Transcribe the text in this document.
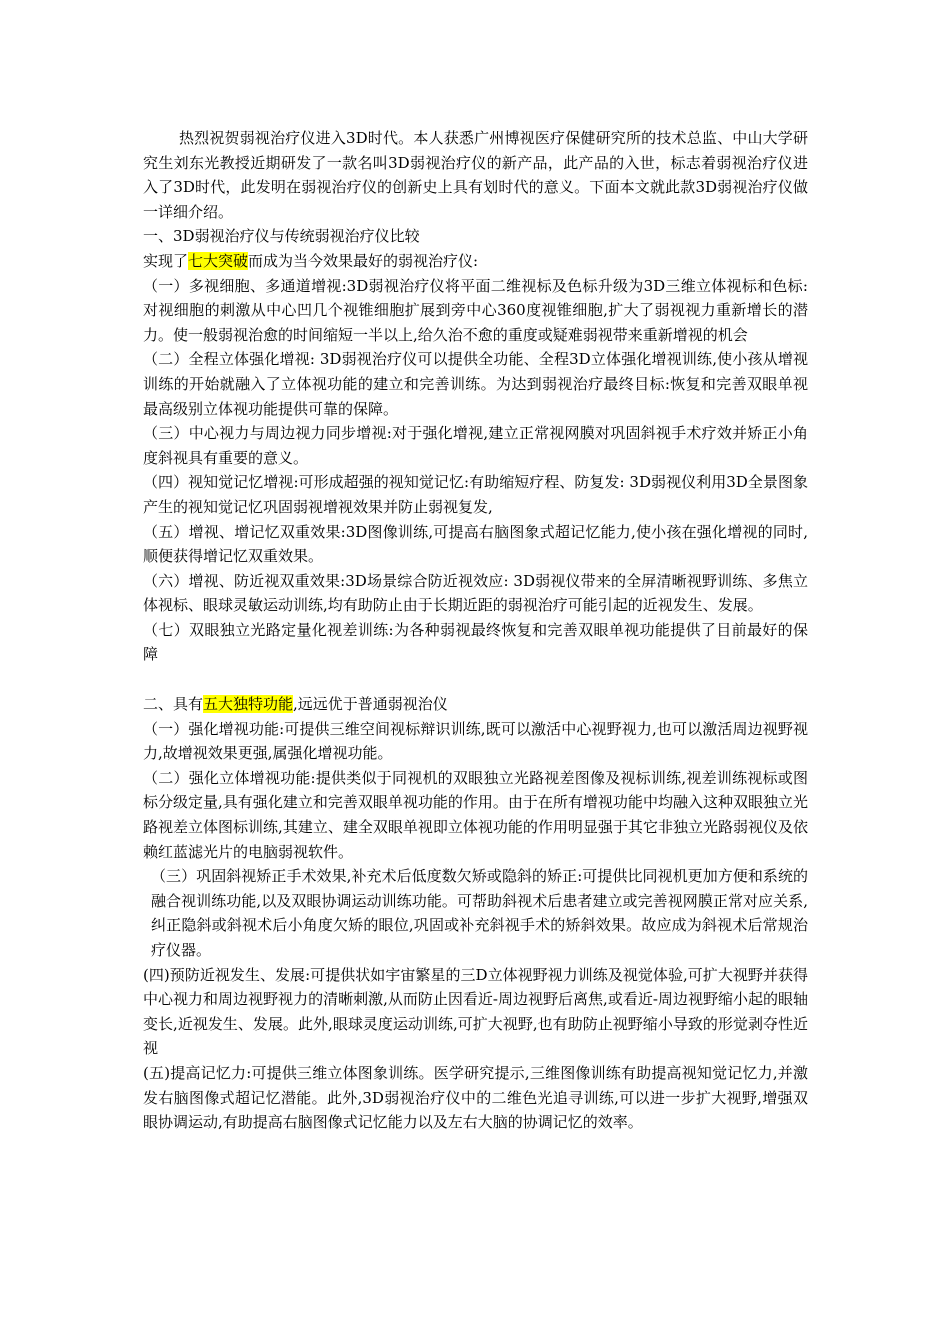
热烈祝贺弱视治疗仪进入3D时代。本人获悉广州博视医疗保健研究所的技术总监、中山大学研究生刘东光教授近期研发了一款名叫3D弱视治疗仪的新产品，此产品的入世，标志着弱视治疗仪进入了3D时代，此发明在弱视治疗仪的创新史上具有划时代的意义。下面本文就此款3D弱视治疗仪做一详细介绍。

一、3D弱视治疗仪与传统弱视治疗仪比较

实现了七大突破而成为当今效果最好的弱视治疗仪:

（一）多视细胞、多通道增视:3D弱视治疗仪将平面二维视标及色标升级为3D三维立体视标和色标:对视细胞的刺激从中心凹几个视锥细胞扩展到旁中心360度视锥细胞,扩大了弱视视力重新增长的潜力。使一般弱视治愈的时间缩短一半以上,给久治不愈的重度或疑难弱视带来重新增视的机会

（二）全程立体强化增视: 3D弱视治疗仪可以提供全功能、全程3D立体强化增视训练,使小孩从增视训练的开始就融入了立体视功能的建立和完善训练。为达到弱视治疗最终目标:恢复和完善双眼单视最高级别立体视功能提供可靠的保障。

（三）中心视力与周边视力同步增视:对于强化增视,建立正常视网膜对巩固斜视手术疗效并矫正小角度斜视具有重要的意义。

（四）视知觉记忆增视:可形成超强的视知觉记忆:有助缩短疗程、防复发: 3D弱视仪利用3D全景图象产生的视知觉记忆巩固弱视增视效果并防止弱视复发,

（五）增视、增记忆双重效果:3D图像训练,可提高右脑图象式超记忆能力,使小孩在强化增视的同时,顺便获得增记忆双重效果。

（六）增视、防近视双重效果:3D场景综合防近视效应: 3D弱视仪带来的全屏清晰视野训练、多焦立体视标、眼球灵敏运动训练,均有助防止由于长期近距的弱视治疗可能引起的近视发生、发展。

（七）双眼独立光路定量化视差训练:为各种弱视最终恢复和完善双眼单视功能提供了目前最好的保障

二、具有五大独特功能,远远优于普通弱视治仪

（一）强化增视功能:可提供三维空间视标辩识训练,既可以激活中心视野视力,也可以激活周边视野视力,故增视效果更强,属强化增视功能。

（二）强化立体增视功能:提供类似于同视机的双眼独立光路视差图像及视标训练,视差训练视标或图标分级定量,具有强化建立和完善双眼单视功能的作用。由于在所有增视功能中均融入这种双眼独立光路视差立体图标训练,其建立、建全双眼单视即立体视功能的作用明显强于其它非独立光路弱视仪及依赖红蓝滤光片的电脑弱视软件。

（三）巩固斜视矫正手术效果,补充术后低度数欠矫或隐斜的矫正:可提供比同视机更加方便和系统的融合视训练功能,以及双眼协调运动训练功能。可帮助斜视术后患者建立或完善视网膜正常对应关系,纠正隐斜或斜视术后小角度欠矫的眼位,巩固或补充斜视手术的矫斜效果。故应成为斜视术后常规治疗仪器。

(四)预防近视发生、发展:可提供状如宇宙繁星的三D立体视野视力训练及视觉体验,可扩大视野并获得中心视力和周边视野视力的清晰刺激,从而防止因看近-周边视野后离焦,或看近-周边视野缩小起的眼轴变长,近视发生、发展。此外,眼球灵度运动训练,可扩大视野,也有助防止视野缩小导致的形觉剥夺性近视

(五)提高记忆力:可提供三维立体图象训练。医学研究提示,三维图像训练有助提高视知觉记忆力,并激发右脑图像式超记忆潜能。此外,3D弱视治疗仪中的二维色光追寻训练,可以进一步扩大视野,增强双眼协调运动,有助提高右脑图像式记忆能力以及左右大脑的协调记忆的效率。
